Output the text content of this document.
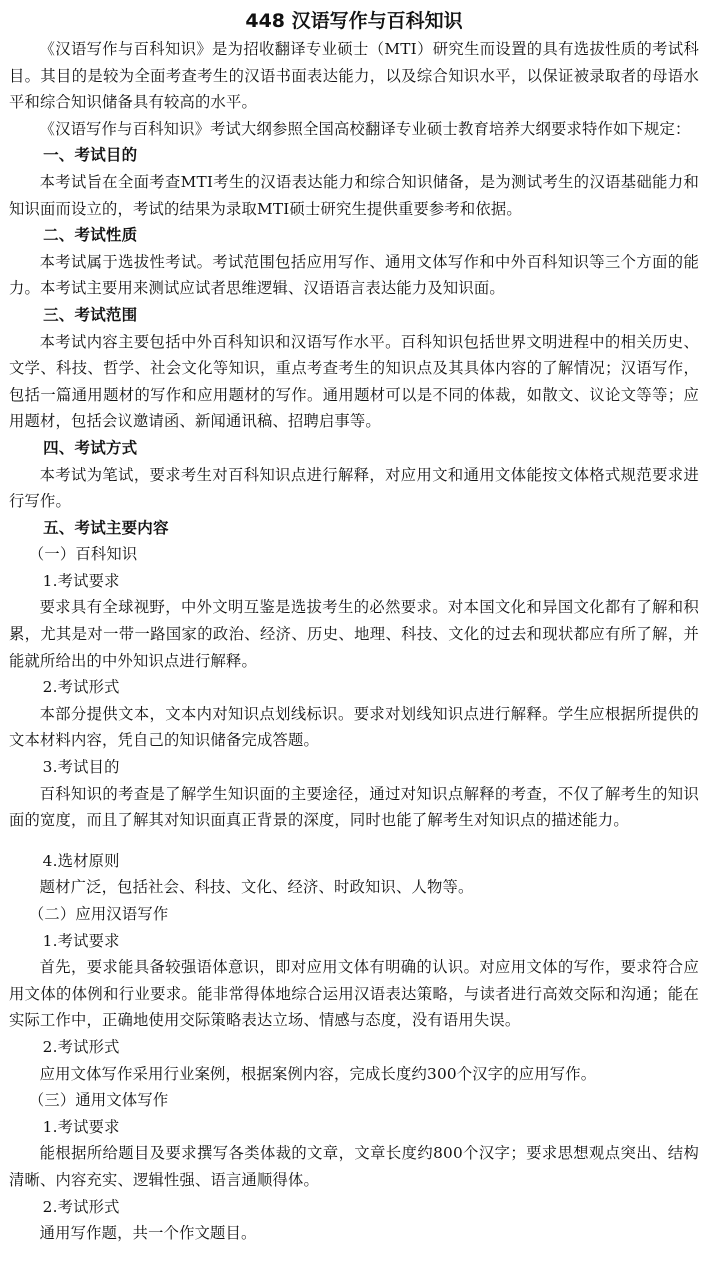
448 汉语写作与百科知识

《汉语写作与百科知识》是为招收翻译专业硕士（MTI）研究生而设置的具有选拔性质的考试科目。其目的是较为全面考查考生的汉语书面表达能力，以及综合知识水平，以保证被录取者的母语水平和综合知识储备具有较高的水平。

《汉语写作与百科知识》考试大纲参照全国高校翻译专业硕士教育培养大纲要求特作如下规定：

一、考试目的

本考试旨在全面考查MTI考生的汉语表达能力和综合知识储备，是为测试考生的汉语基础能力和知识面而设立的，考试的结果为录取MTI硕士研究生提供重要参考和依据。

二、考试性质

本考试属于选拔性考试。考试范围包括应用写作、通用文体写作和中外百科知识等三个方面的能力。本考试主要用来测试应试者思维逻辑、汉语语言表达能力及知识面。

三、考试范围

本考试内容主要包括中外百科知识和汉语写作水平。百科知识包括世界文明进程中的相关历史、文学、科技、哲学、社会文化等知识，重点考查考生的知识点及其具体内容的了解情况；汉语写作，包括一篇通用题材的写作和应用题材的写作。通用题材可以是不同的体裁，如散文、议论文等等；应用题材，包括会议邀请函、新闻通讯稿、招聘启事等。

四、考试方式

本考试为笔试，要求考生对百科知识点进行解释，对应用文和通用文体能按文体格式规范要求进行写作。

五、考试主要内容

（一）百科知识

1.考试要求

要求具有全球视野，中外文明互鉴是选拔考生的必然要求。对本国文化和异国文化都有了解和积累，尤其是对一带一路国家的政治、经济、历史、地理、科技、文化的过去和现状都应有所了解，并能就所给出的中外知识点进行解释。

2.考试形式

本部分提供文本，文本内对知识点划线标识。要求对划线知识点进行解释。学生应根据所提供的文本材料内容，凭自己的知识储备完成答题。

3.考试目的

百科知识的考查是了解学生知识面的主要途径，通过对知识点解释的考查，不仅了解考生的知识面的宽度，而且了解其对知识面真正背景的深度，同时也能了解考生对知识点的描述能力。

4.选材原则

题材广泛，包括社会、科技、文化、经济、时政知识、人物等。

（二）应用汉语写作

1.考试要求

首先，要求能具备较强语体意识，即对应用文体有明确的认识。对应用文体的写作，要求符合应用文体的体例和行业要求。能非常得体地综合运用汉语表达策略，与读者进行高效交际和沟通；能在实际工作中，正确地使用交际策略表达立场、情感与态度，没有语用失误。

2.考试形式

应用文体写作采用行业案例，根据案例内容，完成长度约300个汉字的应用写作。

（三）通用文体写作

1.考试要求

能根据所给题目及要求撰写各类体裁的文章，文章长度约800个汉字；要求思想观点突出、结构清晰、内容充实、逻辑性强、语言通顺得体。

2.考试形式

通用写作题，共一个作文题目。
